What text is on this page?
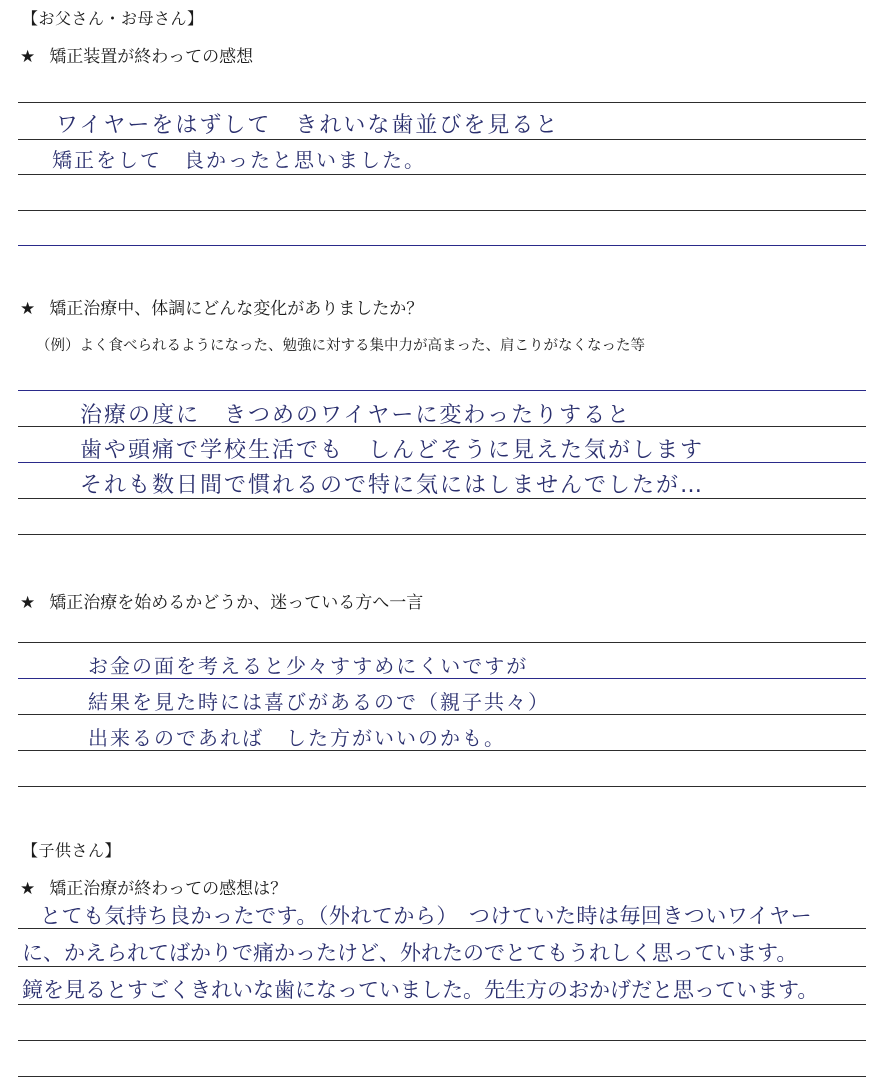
【お父さん・お母さん】
★ 矯正装置が終わっての感想
ワイヤーをはずして　きれいな歯並びを見ると
矯正をして　良かったと思いました。
★ 矯正治療中、体調にどんな変化がありましたか？
（例）よく食べられるようになった、勉強に対する集中力が高まった、肩こりがなくなった等
治療の度に　きつめのワイヤーに変わったりすると
歯や頭痛で学校生活でも　しんどそうに見えた気がします
それも数日間で慣れるので特に気にはしませんでしたが…
★ 矯正治療を始めるかどうか、迷っている方へ一言
お金の面を考えると少々すすめにくいですが
結果を見た時には喜びがあるので（親子共々）
出来るのであれば　した方がいいのかも。
【子供さん】
★ 矯正治療が終わっての感想は？
とても気持ち良かったです。（外れてから）　つけていた時は毎回きついワイヤー
に、かえられてばかりで痛かったけど、外れたのでとてもうれしく思っています。
鏡を見るとすごくきれいな歯になっていました。先生方のおかげだと思っています。
